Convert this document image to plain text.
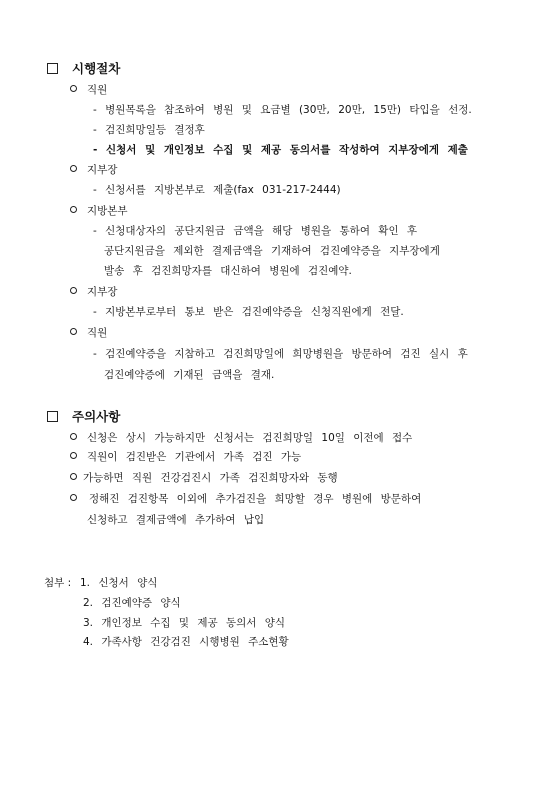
시행절차
직원
- 병원목록을 참조하여 병원 및 요금별 (30만, 20만, 15만) 타입을 선정.
- 검진희망일등 결정후
- 신청서 및 개인정보 수집 및 제공 동의서를 작성하여 지부장에게 제출
지부장
- 신청서를 지방본부로 제출(fax 031-217-2444)
지방본부
- 신청대상자의 공단지원금 금액을 해당 병원을 통하여 확인 후
공단지원금을 제외한 결제금액을 기재하여 검진예약증을 지부장에게
발송 후 검진희망자를 대신하여 병원에 검진예약.
지부장
- 지방본부로부터 통보 받은 검진예약증을 신청직원에게 전달.
직원
- 검진예약증을 지참하고 검진희망일에 희망병원을 방문하여 검진 실시 후
검진예약증에 기재된 금액을 결재.
주의사항
신청은 상시 가능하지만 신청서는 검진희망일 10일 이전에 접수
직원이 검진받은 기관에서 가족 검진 가능
가능하면 직원 건강검진시 가족 검진희망자와 동행
정해진 검진항목 이외에 추가검진을 희망할 경우 병원에 방문하여
신청하고 결제금액에 추가하여 납입
첨부 : 1. 신청서 양식
2. 검진예약증 양식
3. 개인정보 수집 및 제공 동의서 양식
4. 가족사항 건강검진 시행병원 주소현황
